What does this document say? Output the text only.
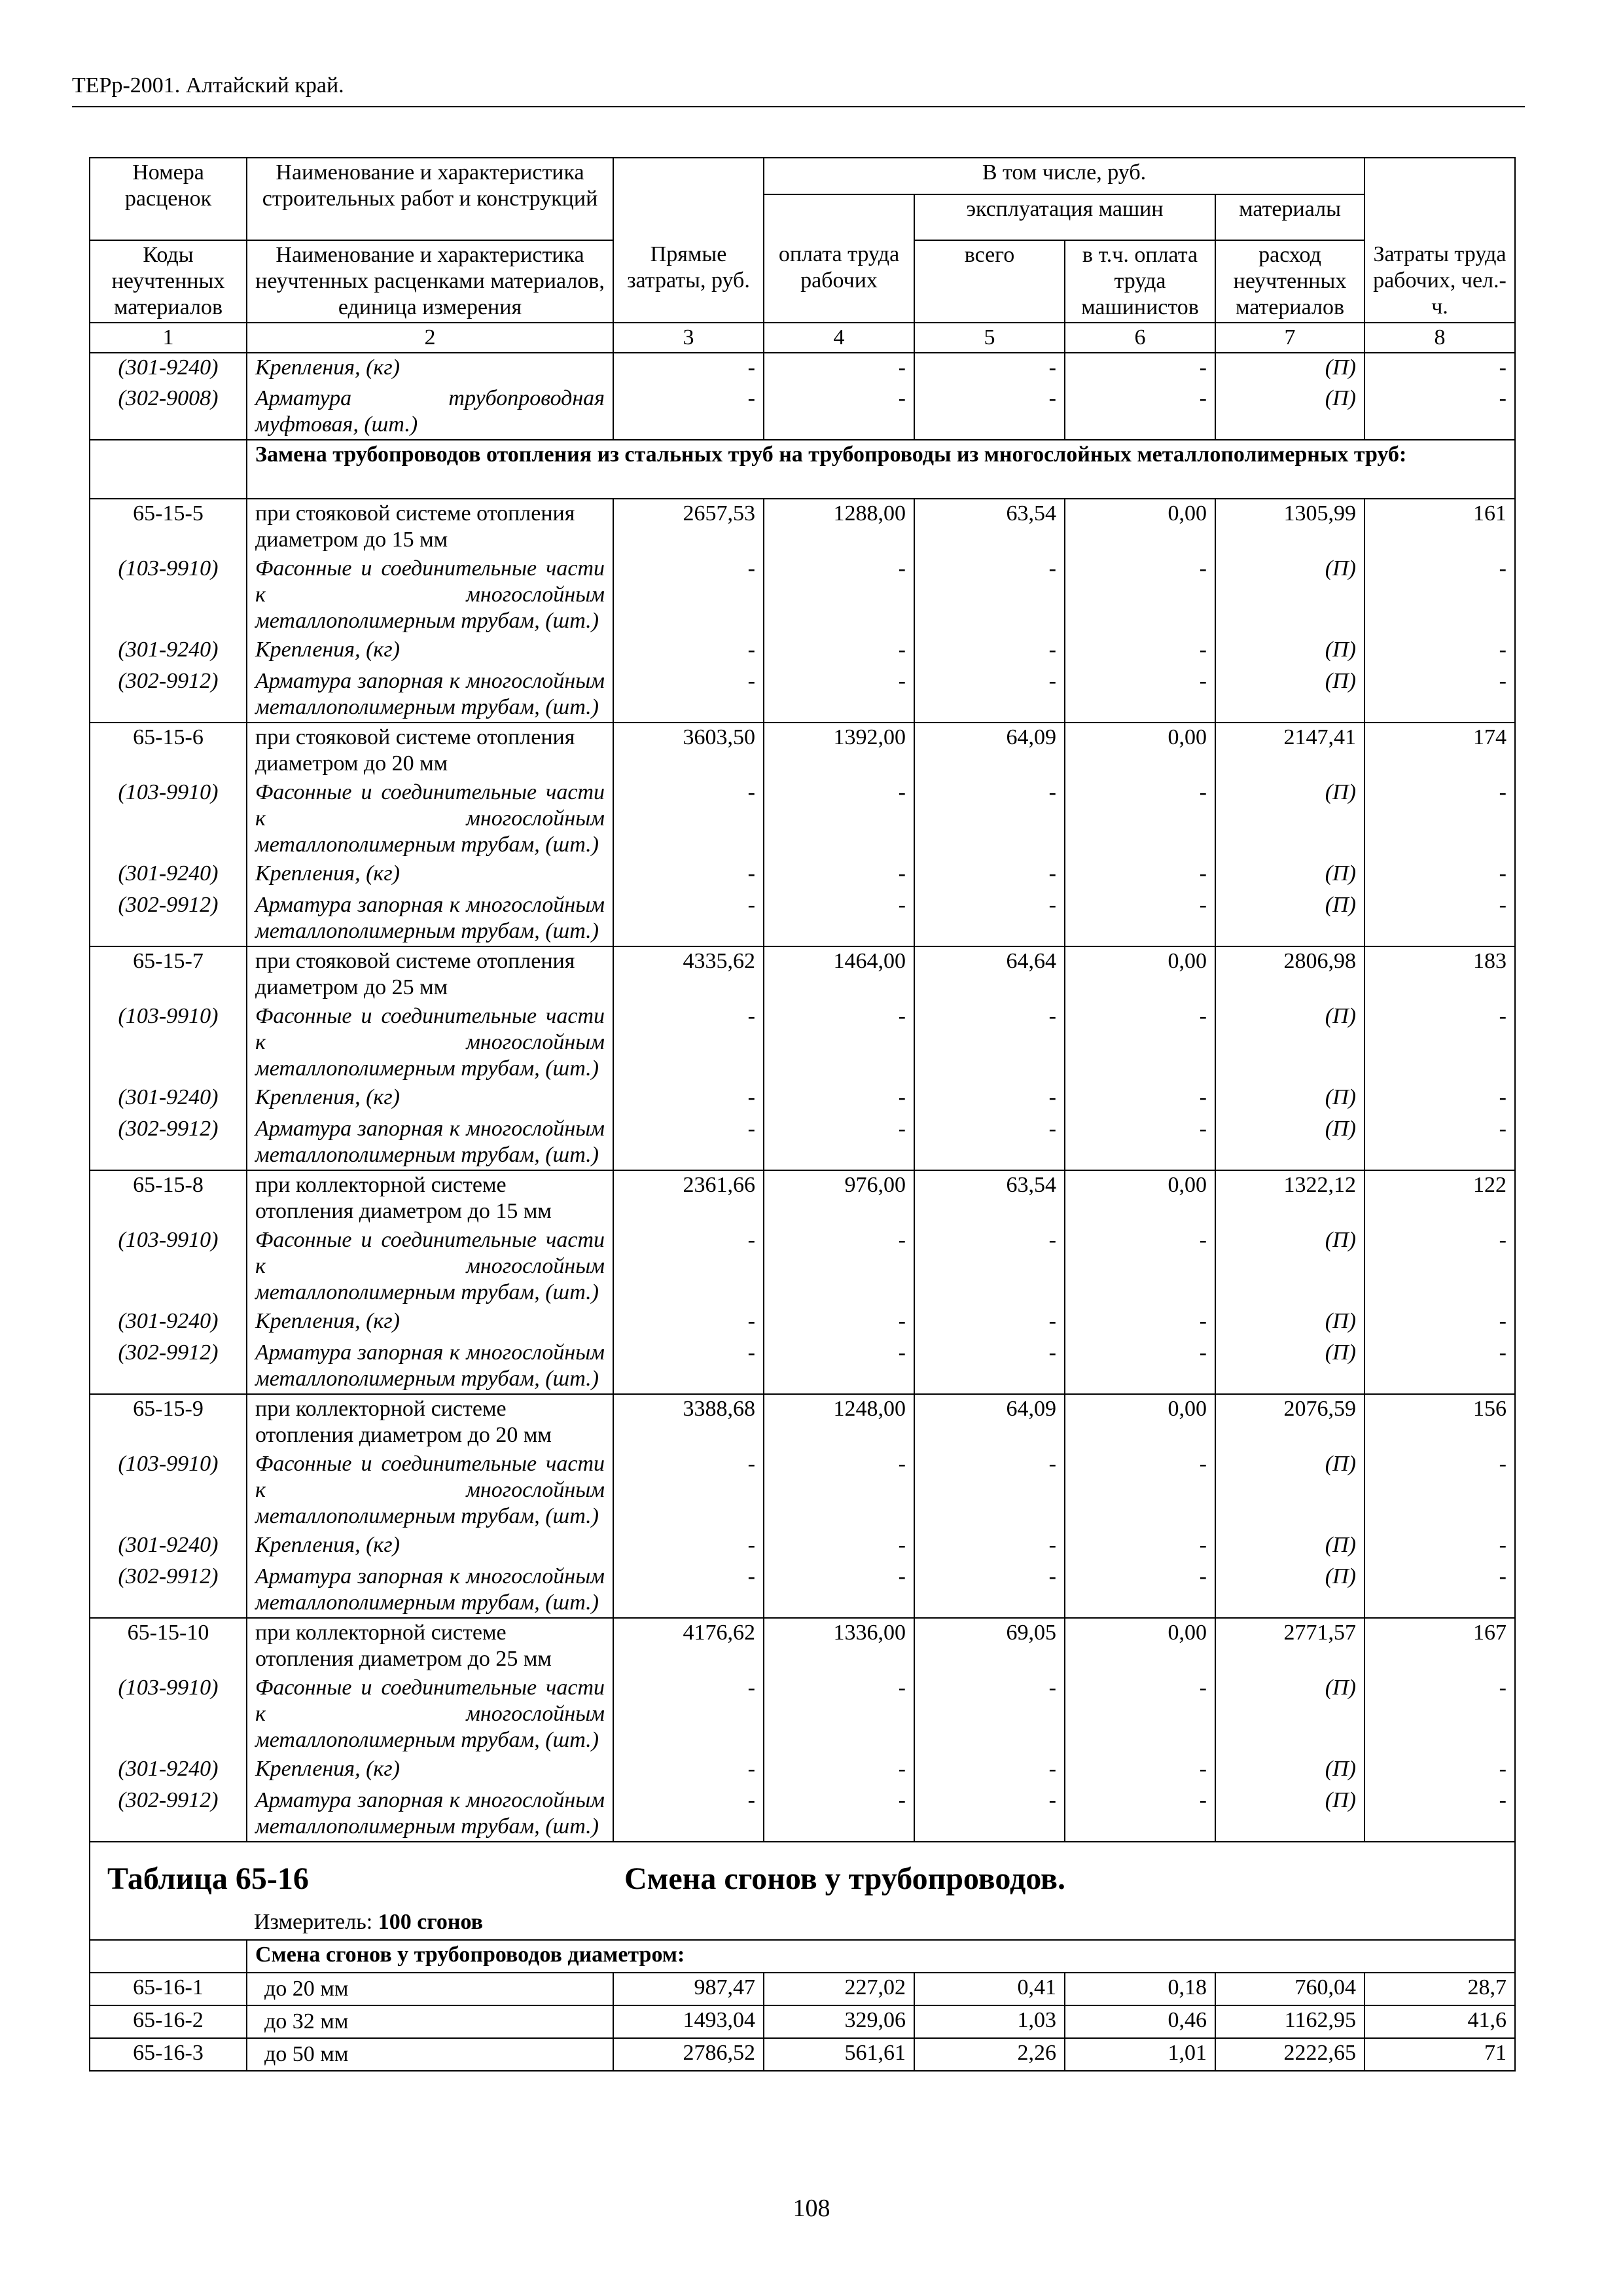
ТЕРр-2001. Алтайский край.
Номера расценок	Наименование и характеристика строительных работ и конструкций		В том числе, руб.				
				эксплуатация машин		материалы	
Коды неучтенных материалов	Наименование и характеристика неучтенных расценками материалов, единица измерения	Прямые затраты, руб.	оплата труда рабочих	всего	в т.ч. оплата труда машинистов	расход неучтенных материалов	Затраты труда рабочих, чел.-ч.
1	2	3	4	5	6	7	8
(301-9240)	Крепления, (кг)	-	-	-	-	(П)	-
(302-9008)	Арматура трубопроводная муфтовая, (шт.)	-	-	-	-	(П)	-
	Замена трубопроводов отопления из стальных труб на трубопроводы из многослойных металлополимерных труб:						
65-15-5	при стояковой системе отопления диаметром до 15 мм	2657,53	1288,00	63,54	0,00	1305,99	161
(103-9910)	Фасонные и соединительные части к многослойным металлополимерным трубам, (шт.)	-	-	-	-	(П)	-
(301-9240)	Крепления, (кг)	-	-	-	-	(П)	-
(302-9912)	Арматура запорная к многослойным металлополимерным трубам, (шт.)	-	-	-	-	(П)	-
65-15-6	при стояковой системе отопления диаметром до 20 мм	3603,50	1392,00	64,09	0,00	2147,41	174
(103-9910)	Фасонные и соединительные части к многослойным металлополимерным трубам, (шт.)	-	-	-	-	(П)	-
(301-9240)	Крепления, (кг)	-	-	-	-	(П)	-
(302-9912)	Арматура запорная к многослойным металлополимерным трубам, (шт.)	-	-	-	-	(П)	-
65-15-7	при стояковой системе отопления диаметром до 25 мм	4335,62	1464,00	64,64	0,00	2806,98	183
(103-9910)	Фасонные и соединительные части к многослойным металлополимерным трубам, (шт.)	-	-	-	-	(П)	-
(301-9240)	Крепления, (кг)	-	-	-	-	(П)	-
(302-9912)	Арматура запорная к многослойным металлополимерным трубам, (шт.)	-	-	-	-	(П)	-
65-15-8	при коллекторной системе отопления диаметром до 15 мм	2361,66	976,00	63,54	0,00	1322,12	122
(103-9910)	Фасонные и соединительные части к многослойным металлополимерным трубам, (шт.)	-	-	-	-	(П)	-
(301-9240)	Крепления, (кг)	-	-	-	-	(П)	-
(302-9912)	Арматура запорная к многослойным металлополимерным трубам, (шт.)	-	-	-	-	(П)	-
65-15-9	при коллекторной системе отопления диаметром до 20 мм	3388,68	1248,00	64,09	0,00	2076,59	156
(103-9910)	Фасонные и соединительные части к многослойным металлополимерным трубам, (шт.)	-	-	-	-	(П)	-
(301-9240)	Крепления, (кг)	-	-	-	-	(П)	-
(302-9912)	Арматура запорная к многослойным металлополимерным трубам, (шт.)	-	-	-	-	(П)	-
65-15-10	при коллекторной системе отопления диаметром до 25 мм	4176,62	1336,00	69,05	0,00	2771,57	167
(103-9910)	Фасонные и соединительные части к многослойным металлополимерным трубам, (шт.)	-	-	-	-	(П)	-
(301-9240)	Крепления, (кг)	-	-	-	-	(П)	-
(302-9912)	Арматура запорная к многослойным металлополимерным трубам, (шт.)	-	-	-	-	(П)	-

Таблица 65-16 Смена сгонов у трубопроводов.
Измеритель: 100 сгонов							

	Смена сгонов у трубопроводов диаметром:						
65-16-1	до 20 мм	987,47	227,02	0,41	0,18	760,04	28,7
65-16-2	до 32 мм	1493,04	329,06	1,03	0,46	1162,95	41,6
65-16-3	до 50 мм	2786,52	561,61	2,26	1,01	2222,65	71
108
